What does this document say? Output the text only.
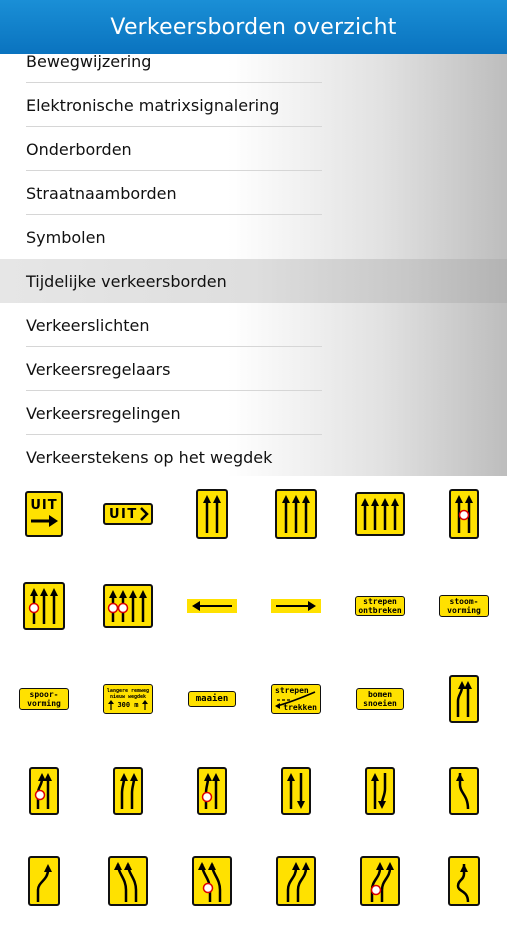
Verkeersborden overzicht
Bewegwijzering
Elektronische matrixsignalering
Onderborden
Straatnaamborden
Symbolen
Tijdelijke verkeersborden
Verkeerslichten
Verkeersregelaars
Verkeersregelingen
Verkeerstekens op het wegdek
UIT
UIT
strepen
ontbreken
stoom-
vorming
spoor-
vorming
langere remweg
nieuw wegdek
300 m
maaien
strepen
trekken
bomen
snoeien
